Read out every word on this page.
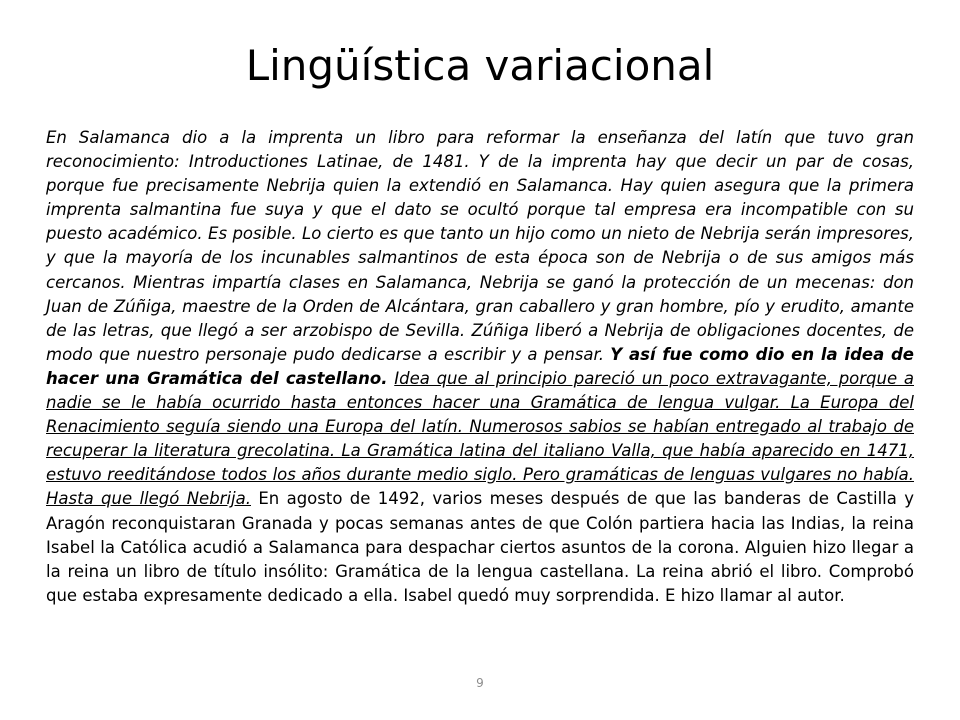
Lingüística variacional

En Salamanca dio a la imprenta un libro para reformar la enseñanza del latín que tuvo gran reconocimiento: Introductiones Latinae, de 1481. Y de la imprenta hay que decir un par de cosas, porque fue precisamente Nebrija quien la extendió en Salamanca. Hay quien asegura que la primera imprenta salmantina fue suya y que el dato se ocultó porque tal empresa era incompatible con su puesto académico. Es posible. Lo cierto es que tanto un hijo como un nieto de Nebrija serán impresores, y que la mayoría de los incunables salmantinos de esta época son de Nebrija o de sus amigos más cercanos. Mientras impartía clases en Salamanca, Nebrija se ganó la protección de un mecenas: don Juan de Zúñiga, maestre de la Orden de Alcántara, gran caballero y gran hombre, pío y erudito, amante de las letras, que llegó a ser arzobispo de Sevilla. Zúñiga liberó a Nebrija de obligaciones docentes, de modo que nuestro personaje pudo dedicarse a escribir y a pensar. Y así fue como dio en la idea de hacer una Gramática del castellano. Idea que al principio pareció un poco extravagante, porque a nadie se le había ocurrido hasta entonces hacer una Gramática de lengua vulgar. La Europa del Renacimiento seguía siendo una Europa del latín. Numerosos sabios se habían entregado al trabajo de recuperar la literatura grecolatina. La Gramática latina del italiano Valla, que había aparecido en 1471, estuvo reeditándose todos los años durante medio siglo. Pero gramáticas de lenguas vulgares no había. Hasta que llegó Nebrija. En agosto de 1492, varios meses después de que las banderas de Castilla y Aragón reconquistaran Granada y pocas semanas antes de que Colón partiera hacia las Indias, la reina Isabel la Católica acudió a Salamanca para despachar ciertos asuntos de la corona. Alguien hizo llegar a la reina un libro de título insólito: Gramática de la lengua castellana. La reina abrió el libro. Comprobó que estaba expresamente dedicado a ella. Isabel quedó muy sorprendida. E hizo llamar al autor.

9
